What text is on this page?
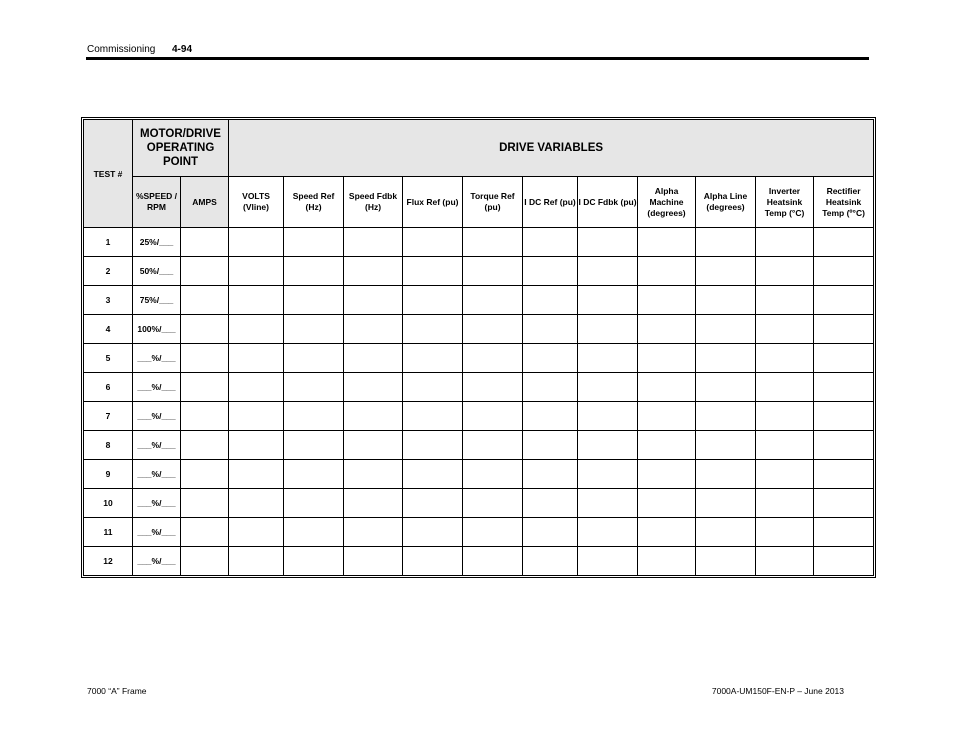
Commissioning 4-94
TEST #	MOTOR/DRIVE OPERATING POINT		DRIVE VARIABLES										
	%SPEED / RPM	AMPS	VOLTS (Vline)	Speed Ref (Hz)	Speed Fdbk (Hz)	Flux Ref (pu)	Torque Ref (pu)	I DC Ref (pu)	I DC Fdbk (pu)	Alpha Machine (degrees)	Alpha Line (degrees)	Inverter Heatsink Temp (°C)	Rectifier Heatsink Temp (º°C)
1	25%/___												
2	50%/___												
3	75%/___												
4	100%/___												
5	___%/___												
6	___%/___												
7	___%/___												
8	___%/___												
9	___%/___												
10	___%/___												
11	___%/___												
12	___%/___												
7000 “A” Frame	7000A-UM150F-EN-P – June 2013
